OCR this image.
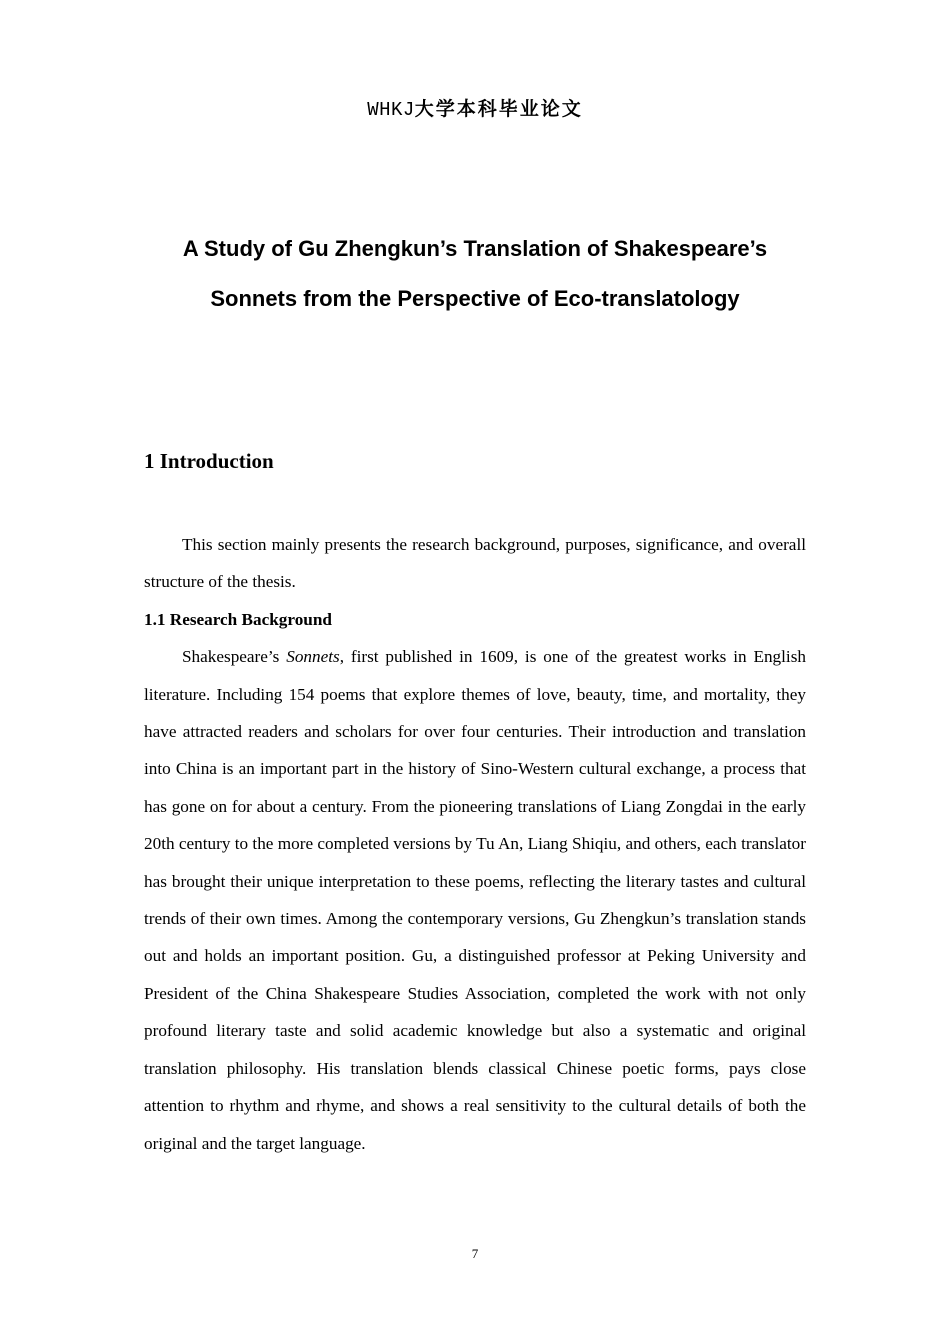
WHKJ大学本科毕业论文
A Study of Gu Zhengkun’s Translation of Shakespeare’s
Sonnets from the Perspective of Eco-translatology
1 Introduction

This section mainly presents the research background, purposes, significance, and overall structure of the thesis.

1.1 Research Background

Shakespeare’s Sonnets, first published in 1609, is one of the greatest works in English literature. Including 154 poems that explore themes of love, beauty, time, and mortality, they have attracted readers and scholars for over four centuries. Their introduction and translation into China is an important part in the history of Sino-Western cultural exchange, a process that has gone on for about a century. From the pioneering translations of Liang Zongdai in the early 20th century to the more completed versions by Tu An, Liang Shiqiu, and others, each translator has brought their unique interpretation to these poems, reflecting the literary tastes and cultural trends of their own times. Among the contemporary versions, Gu Zhengkun’s translation stands out and holds an important position. Gu, a distinguished professor at Peking University and President of the China Shakespeare Studies Association, completed the work with not only profound literary taste and solid academic knowledge but also a systematic and original translation philosophy. His translation blends classical Chinese poetic forms, pays close attention to rhythm and rhyme, and shows a real sensitivity to the cultural details of both the original and the target language.

7
